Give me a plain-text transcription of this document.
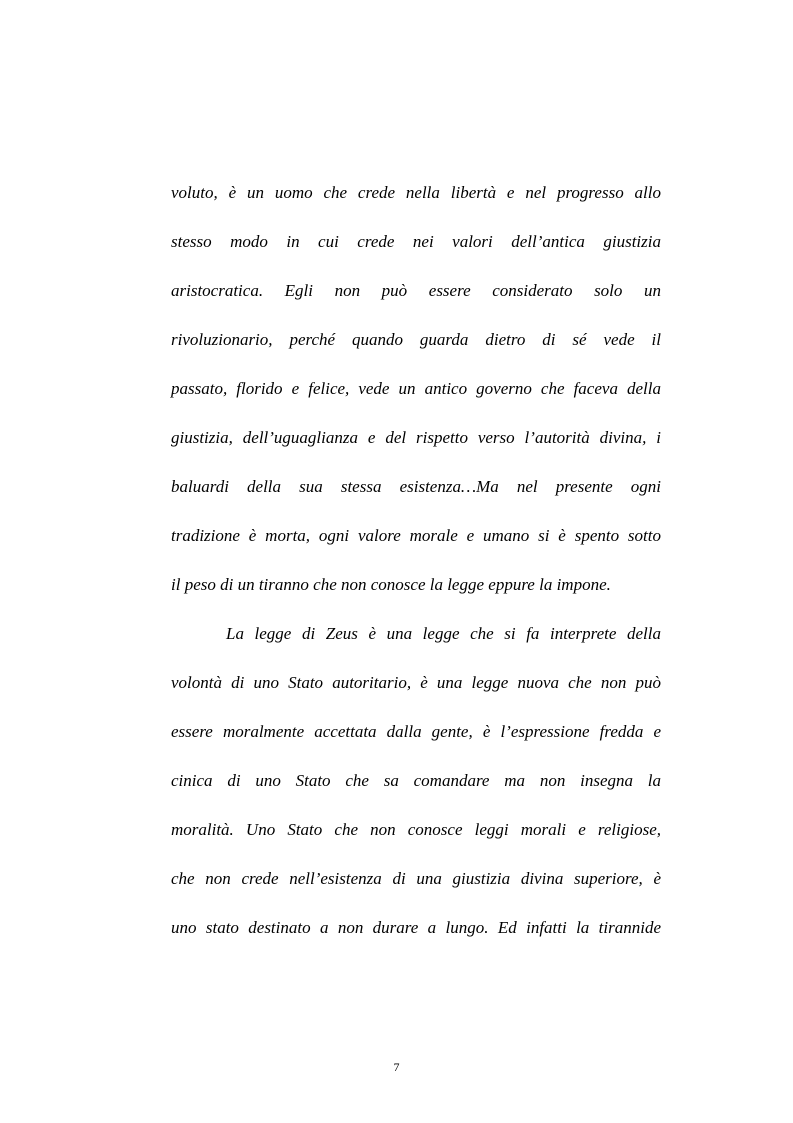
voluto, è un uomo che crede nella libertà e nel progresso allo
stesso modo in cui crede nei valori dell’antica giustizia
aristocratica. Egli non può essere considerato solo un
rivoluzionario, perché quando guarda dietro di sé vede il
passato, florido e felice, vede un antico governo che faceva della
giustizia, dell’uguaglianza e del rispetto verso l’autorità divina, i
baluardi della sua stessa esistenza…Ma nel presente ogni
tradizione è morta, ogni valore morale e umano si è spento sotto
il peso di un tiranno che non conosce la legge eppure la impone.
La legge di Zeus è una legge che si fa interprete della
volontà di uno Stato autoritario, è una legge nuova che non può
essere moralmente accettata dalla gente, è l’espressione fredda e
cinica di uno Stato che sa comandare ma non insegna la
moralità. Uno Stato che non conosce leggi morali e religiose,
che non crede nell’esistenza di una giustizia divina superiore, è
uno stato destinato a non durare a lungo. Ed infatti la tirannide
7
